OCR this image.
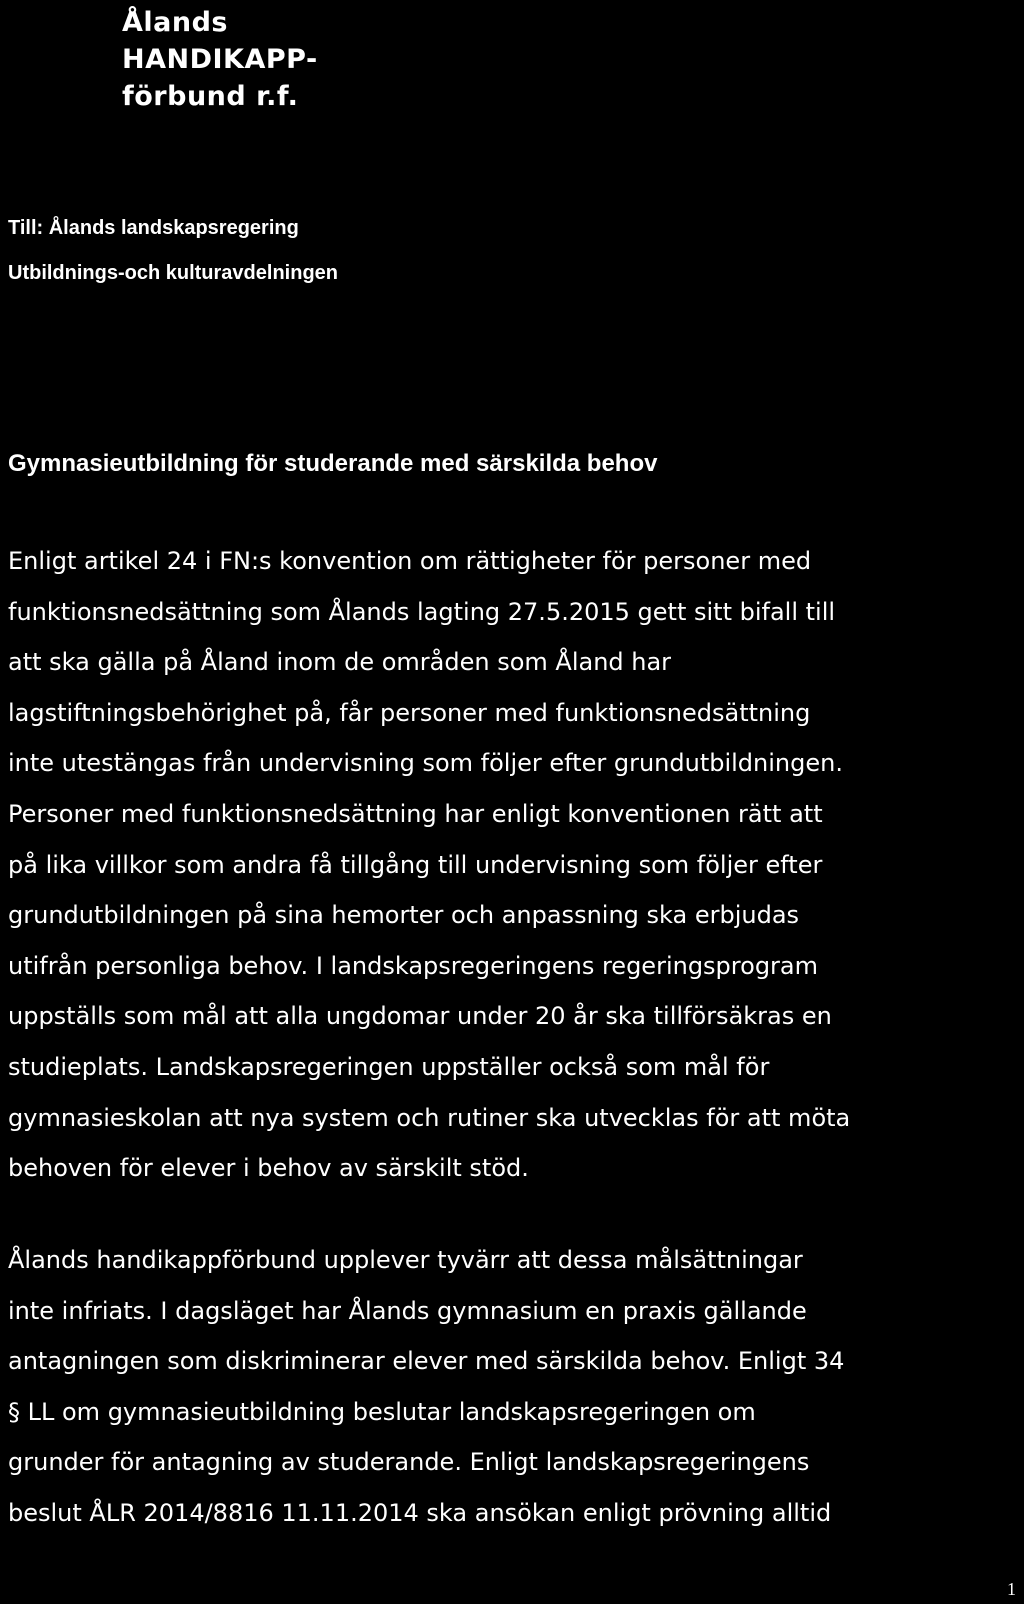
Ålands
HANDIKAPP-
förbund r.f.
Till: Ålands landskapsregering
Utbildnings-och kulturavdelningen
Gymnasieutbildning för studerande med särskilda behov
Enligt artikel 24 i FN:s konvention om rättigheter för personer med
funktionsnedsättning som Ålands lagting 27.5.2015 gett sitt bifall till
att ska gälla på Åland inom de områden som Åland har
lagstiftningsbehörighet på, får personer med funktionsnedsättning
inte utestängas från undervisning som följer efter grundutbildningen.
Personer med funktionsnedsättning har enligt konventionen rätt att
på lika villkor som andra få tillgång till undervisning som följer efter
grundutbildningen på sina hemorter och anpassning ska erbjudas
utifrån personliga behov. I landskapsregeringens regeringsprogram
uppställs som mål att alla ungdomar under 20 år ska tillförsäkras en
studieplats. Landskapsregeringen uppställer också som mål för
gymnasieskolan att nya system och rutiner ska utvecklas för att möta
behoven för elever i behov av särskilt stöd.
Ålands handikappförbund upplever tyvärr att dessa målsättningar
inte infriats. I dagsläget har Ålands gymnasium en praxis gällande
antagningen som diskriminerar elever med särskilda behov. Enligt 34
§ LL om gymnasieutbildning beslutar landskapsregeringen om
grunder för antagning av studerande. Enligt landskapsregeringens
beslut ÅLR 2014/8816 11.11.2014 ska ansökan enligt prövning alltid
1
